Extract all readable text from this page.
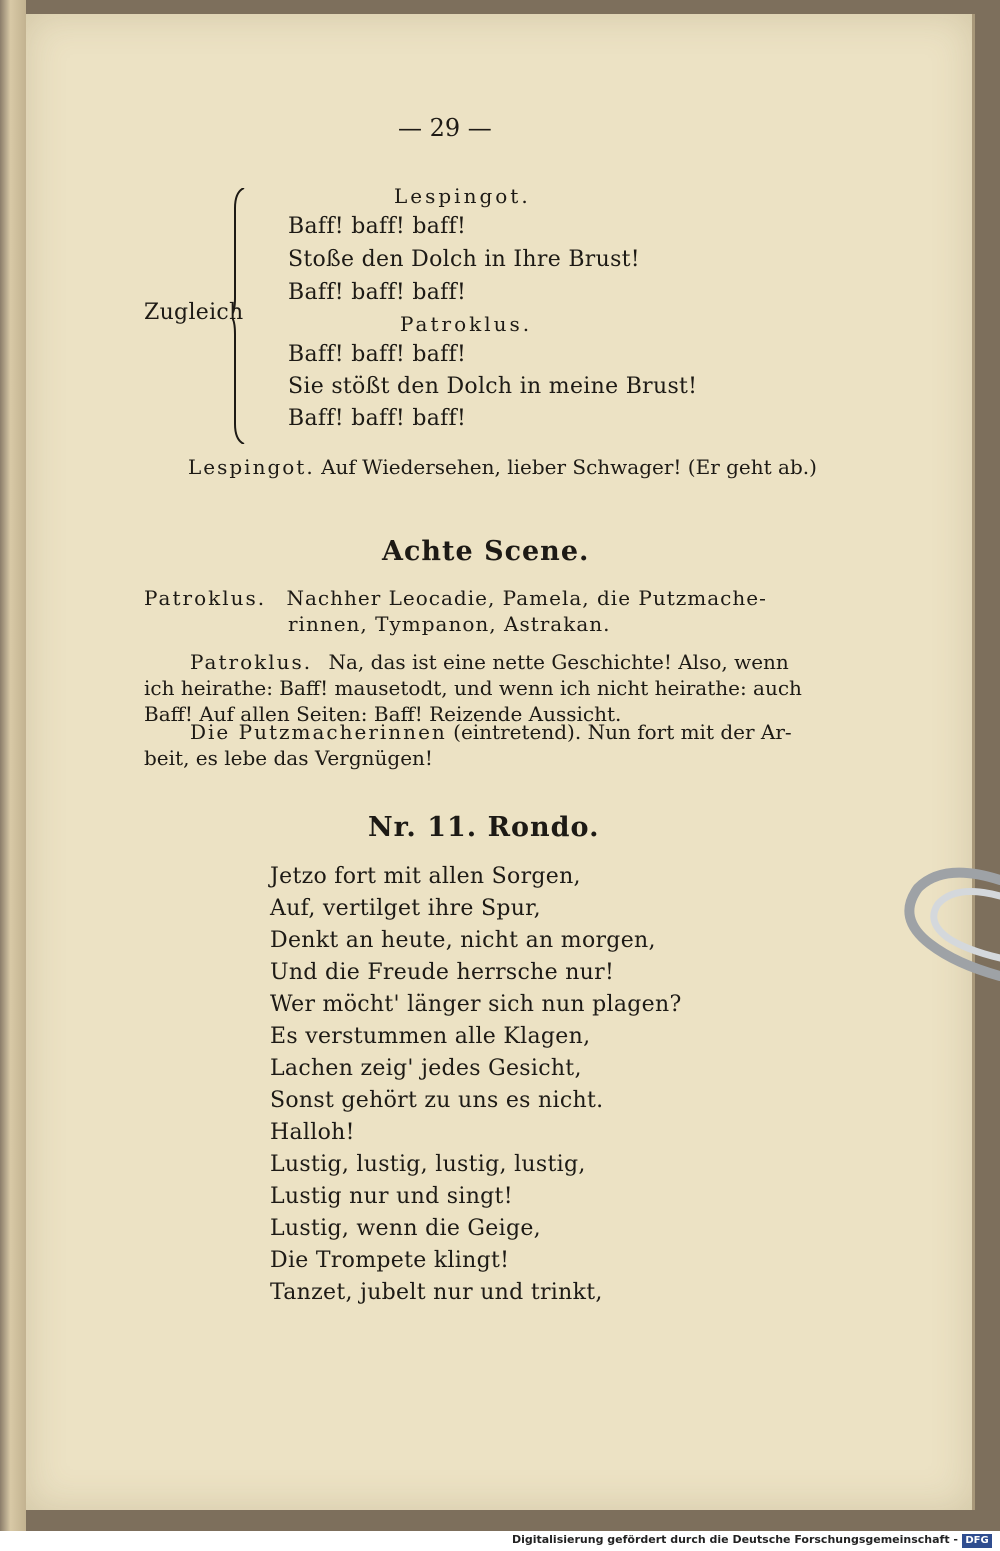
— 29 —
Lespingot.
Baff! baff! baff!
Stoße den Dolch in Ihre Brust!
Baff! baff! baff!
Zugleich	Patroklus.
Baff! baff! baff!
Sie stößt den Dolch in meine Brust!
Baff! baff! baff!
Lespingot. Auf Wiedersehen, lieber Schwager! (Er geht ab.)
Achte Scene.
Patroklus. Nachher Leocadie, Pamela, die Putzmache-
rinnen, Tympanon, Astrakan.
Patroklus. Na, das ist eine nette Geschichte! Also, wenn
ich heirathe: Baff! mausetodt, und wenn ich nicht heirathe: auch
Baff! Auf allen Seiten: Baff! Reizende Aussicht.
Die Putzmacherinnen (eintretend). Nun fort mit der Ar-
beit, es lebe das Vergnügen!
Nr. 11. Rondo.
Jetzo fort mit allen Sorgen,
Auf, vertilget ihre Spur,
Denkt an heute, nicht an morgen,
Und die Freude herrsche nur!
Wer möcht' länger sich nun plagen?
Es verstummen alle Klagen,
Lachen zeig' jedes Gesicht,
Sonst gehört zu uns es nicht.
Halloh!
Lustig, lustig, lustig, lustig,
Lustig nur und singt!
Lustig, wenn die Geige,
Die Trompete klingt!
Tanzet, jubelt nur und trinkt,
Digitalisierung gefördert durch die Deutsche Forschungsgemeinschaft - DFG
